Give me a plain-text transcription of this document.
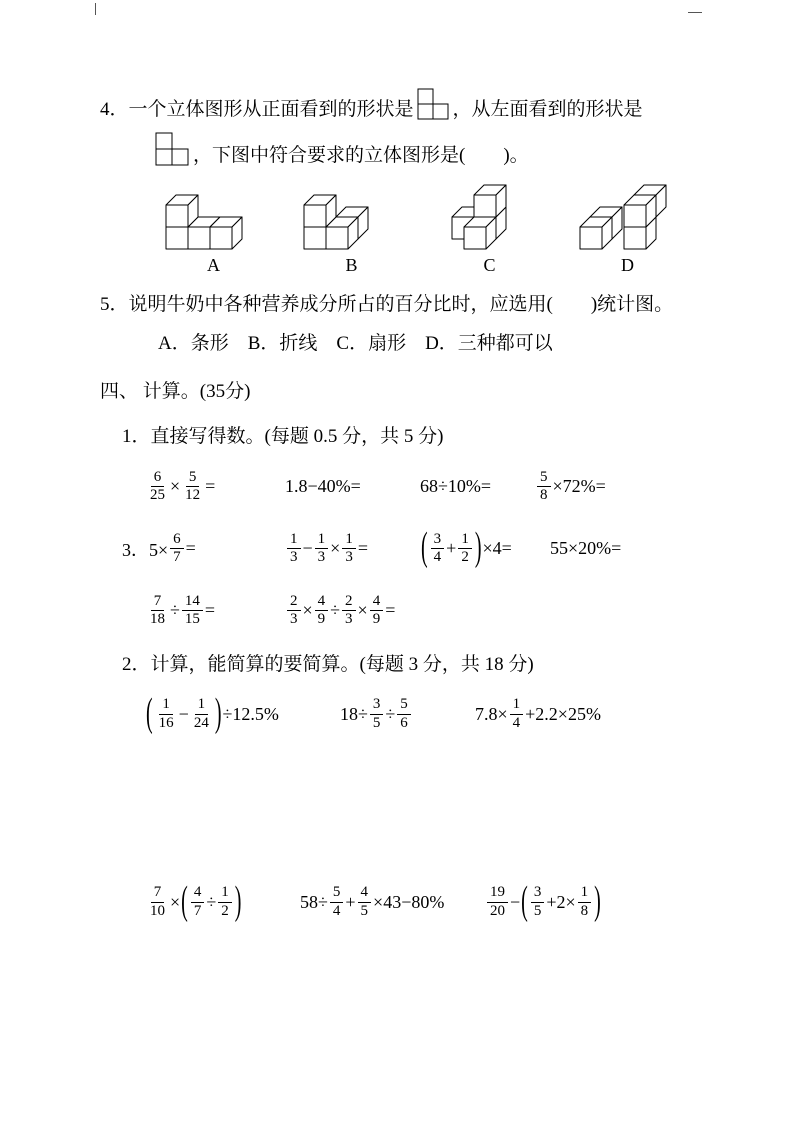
4．一个立体图形从正面看到的形状是 ，从左面看到的形状是
，下图中符合要求的立体图形是(　　)。
A	B	C	D
5．说明牛奶中各种营养成分所占的百分比时，应选用(　　)统计图。
A．条形　B．折线　C．扇形　D．三种都可以
四、 计算。(35分)
1．直接写得数。(每题 0.5 分，共 5 分)
$\frac{6}{25} \times \frac{5}{12}$ =	1.8−40%=	68÷10%=	$\frac{5}{8} \times 72\%=$
3．$5\times \frac{6}{7}$ =	$\frac{1}{3} - \frac{1}{3} \times \frac{1}{3}$ =	( $\frac{3}{4} + \frac{1}{2}$ ) ×4= 55×20%=
$\frac{7}{18} \div \frac{14}{15}$ =	$\frac{2}{3} \times \frac{4}{9} \div \frac{2}{3} \times \frac{4}{9}$ =
2．计算，能简算的要简算。(每题 3 分，共 18 分)
( $\frac{1}{16} - \frac{1}{24}$ ) ÷12.5%	$18\div \frac{3}{5} \div \frac{5}{6}$	$7.8\times \frac{1}{4} +2.2\times 25\%$
$\frac{7}{10}$ × ( $\frac{4}{7} \div \frac{1}{2}$ )	$58\div \frac{5}{4} + \frac{4}{5} \times 43-80\%$	$\frac{19}{20}$ − ( $\frac{3}{5} +2\times \frac{1}{8}$ )
